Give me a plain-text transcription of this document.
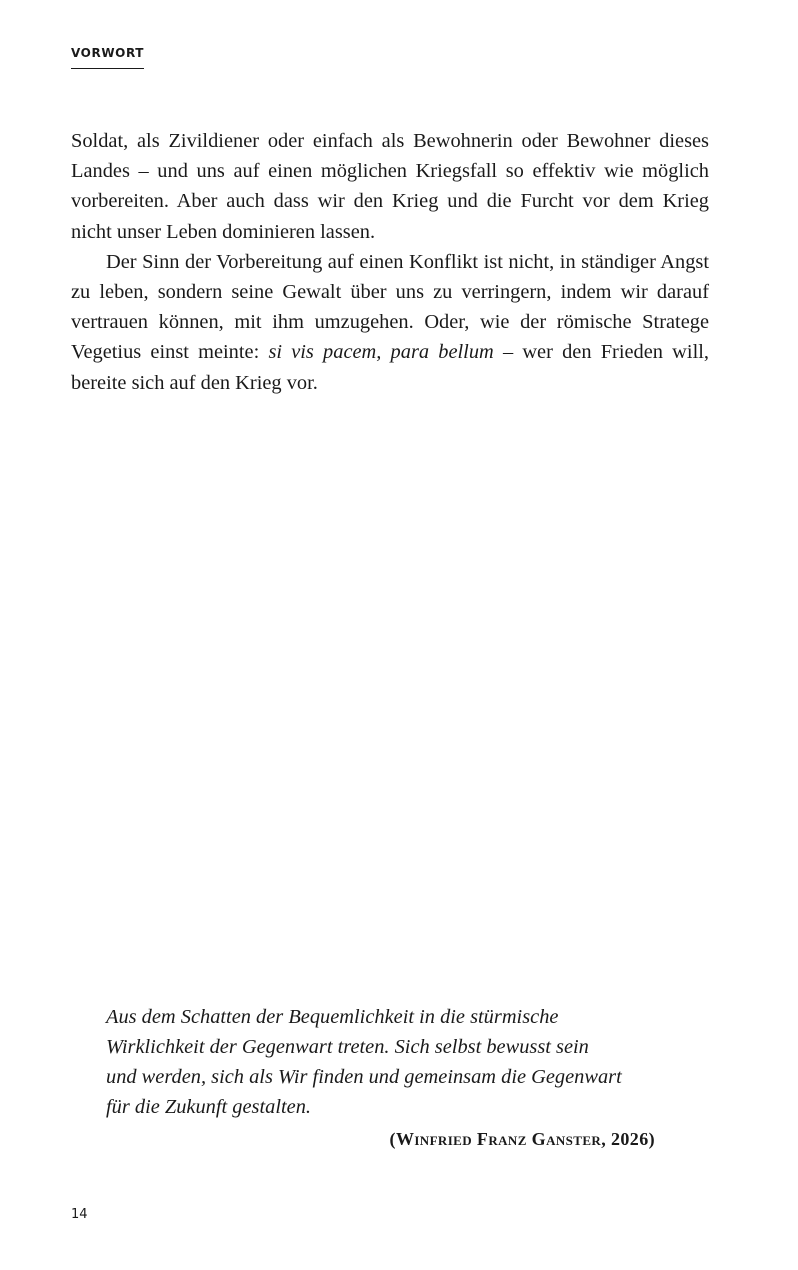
VORWORT

Soldat, als Zivildiener oder einfach als Bewohnerin oder Bewohner dieses Landes – und uns auf einen möglichen Kriegsfall so effektiv wie möglich vorbereiten. Aber auch dass wir den Krieg und die Furcht vor dem Krieg nicht unser Leben dominieren lassen.

Der Sinn der Vorbereitung auf einen Konflikt ist nicht, in ständiger Angst zu leben, sondern seine Gewalt über uns zu verringern, indem wir darauf vertrauen können, mit ihm umzugehen. Oder, wie der römische Stratege Vegetius einst meinte: si vis pacem, para bellum – wer den Frieden will, bereite sich auf den Krieg vor.

Aus dem Schatten der Bequemlichkeit in die stürmische
Wirklichkeit der Gegenwart treten. Sich selbst bewusst sein
und werden, sich als Wir finden und gemeinsam die Gegenwart
für die Zukunft gestalten.

(Winfried Franz Ganster, 2026)
14
